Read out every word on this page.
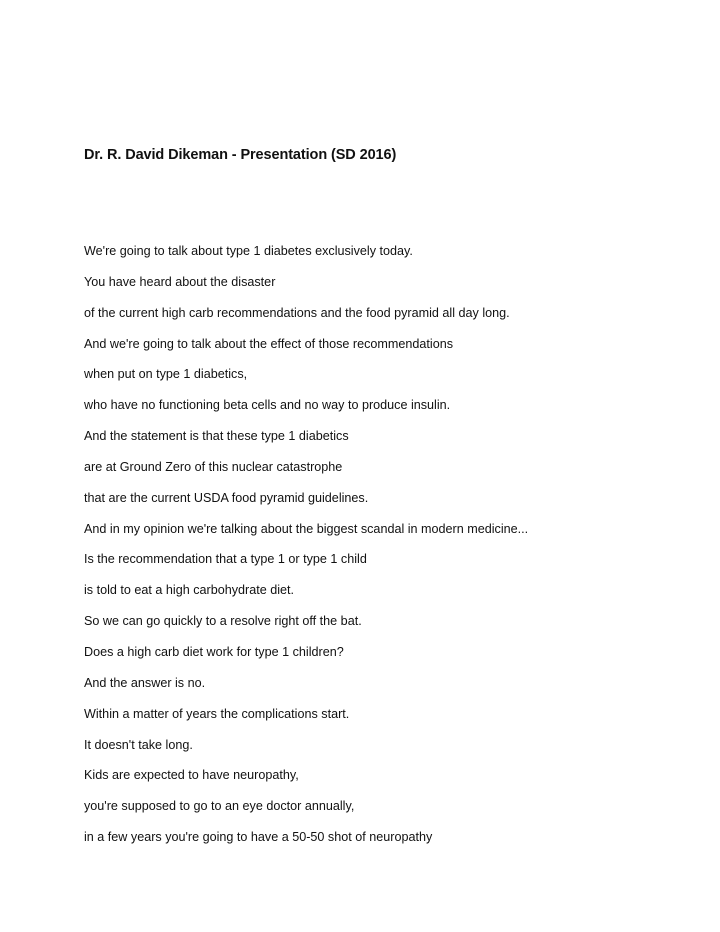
Dr. R. David Dikeman - Presentation (SD 2016)
We're going to talk about type 1 diabetes exclusively today.
You have heard about the disaster
of the current high carb recommendations and the food pyramid all day long.
And we're going to talk about the effect of those recommendations
when put on type 1 diabetics,
who have no functioning beta cells and no way to produce insulin.
And the statement is that these type 1 diabetics
are at Ground Zero of this nuclear catastrophe
that are the current USDA food pyramid guidelines.
And in my opinion we're talking about the biggest scandal in modern medicine...
Is the recommendation that a type 1 or type 1 child
is told to eat a high carbohydrate diet.
So we can go quickly to a resolve right off the bat.
Does a high carb diet work for type 1 children?
And the answer is no.
Within a matter of years the complications start.
It doesn't take long.
Kids are expected to have neuropathy,
you're supposed to go to an eye doctor annually,
in a few years you're going to have a 50-50 shot of neuropathy
